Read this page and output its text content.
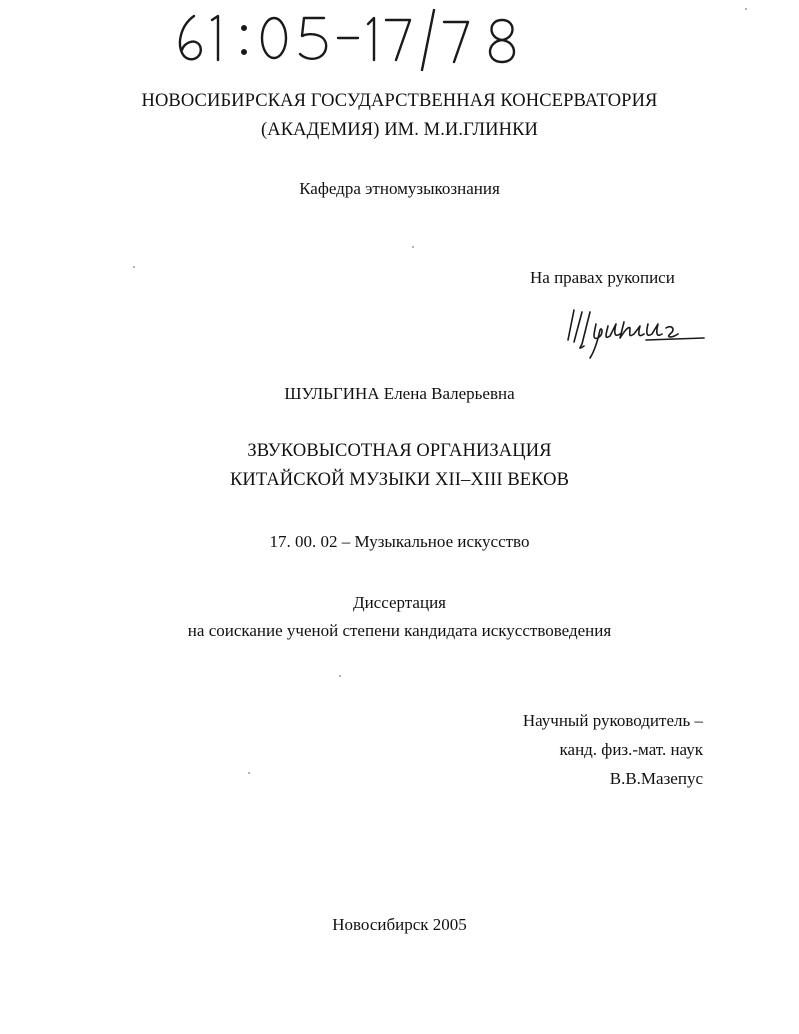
НОВОСИБИРСКАЯ ГОСУДАРСТВЕННАЯ КОНСЕРВАТОРИЯ
(АКАДЕМИЯ) ИМ. М.И.ГЛИНКИ
Кафедра этномузыкознания
На правах рукописи
ШУЛЬГИНА Елена Валерьевна
ЗВУКОВЫСОТНАЯ ОРГАНИЗАЦИЯ
КИТАЙСКОЙ МУЗЫКИ XII–XIII ВЕКОВ
17. 00. 02 – Музыкальное искусство
Диссертация
на соискание ученой степени кандидата искусствоведения
Научный руководитель –
канд. физ.-мат. наук
В.В.Мазепус
Новосибирск 2005
